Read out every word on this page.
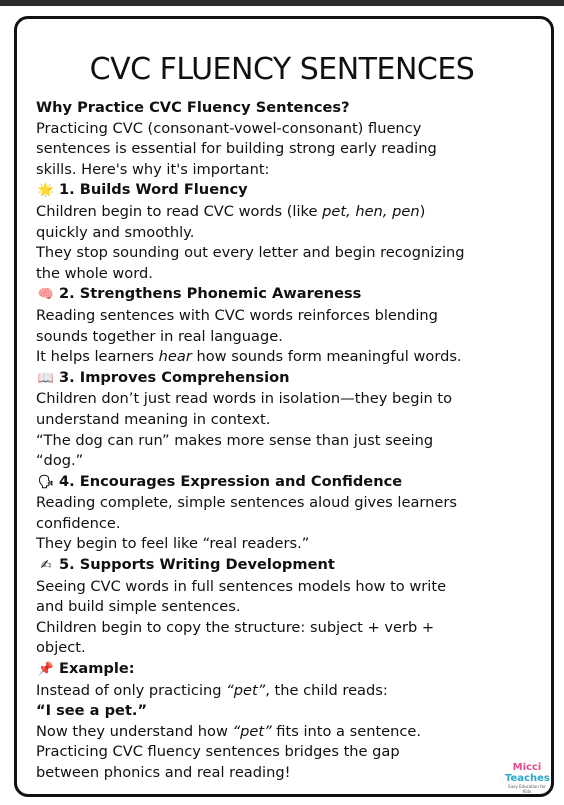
CVC FLUENCY SENTENCES

Why Practice CVC Fluency Sentences?

Practicing CVC (consonant-vowel-consonant) fluency

sentences is essential for building strong early reading

skills. Here's why it's important:

🌟 1. Builds Word Fluency

Children begin to read CVC words (like pet, hen, pen)

quickly and smoothly.

They stop sounding out every letter and begin recognizing

the whole word.

🧠 2. Strengthens Phonemic Awareness

Reading sentences with CVC words reinforces blending

sounds together in real language.

It helps learners hear how sounds form meaningful words.

📖 3. Improves Comprehension

Children don’t just read words in isolation—they begin to

understand meaning in context.

“The dog can run” makes more sense than just seeing

“dog.”

🗣 4. Encourages Expression and Confidence

Reading complete, simple sentences aloud gives learners

confidence.

They begin to feel like “real readers.”

✍ 5. Supports Writing Development

Seeing CVC words in full sentences models how to write

and build simple sentences.

Children begin to copy the structure: subject + verb +

object.

📌 Example:

Instead of only practicing “pet”, the child reads:

“I see a pet.”

Now they understand how “pet” fits into a sentence.

Practicing CVC fluency sentences bridges the gap

between phonics and real reading!	Micci
Teaches
Easy Education for Kids
